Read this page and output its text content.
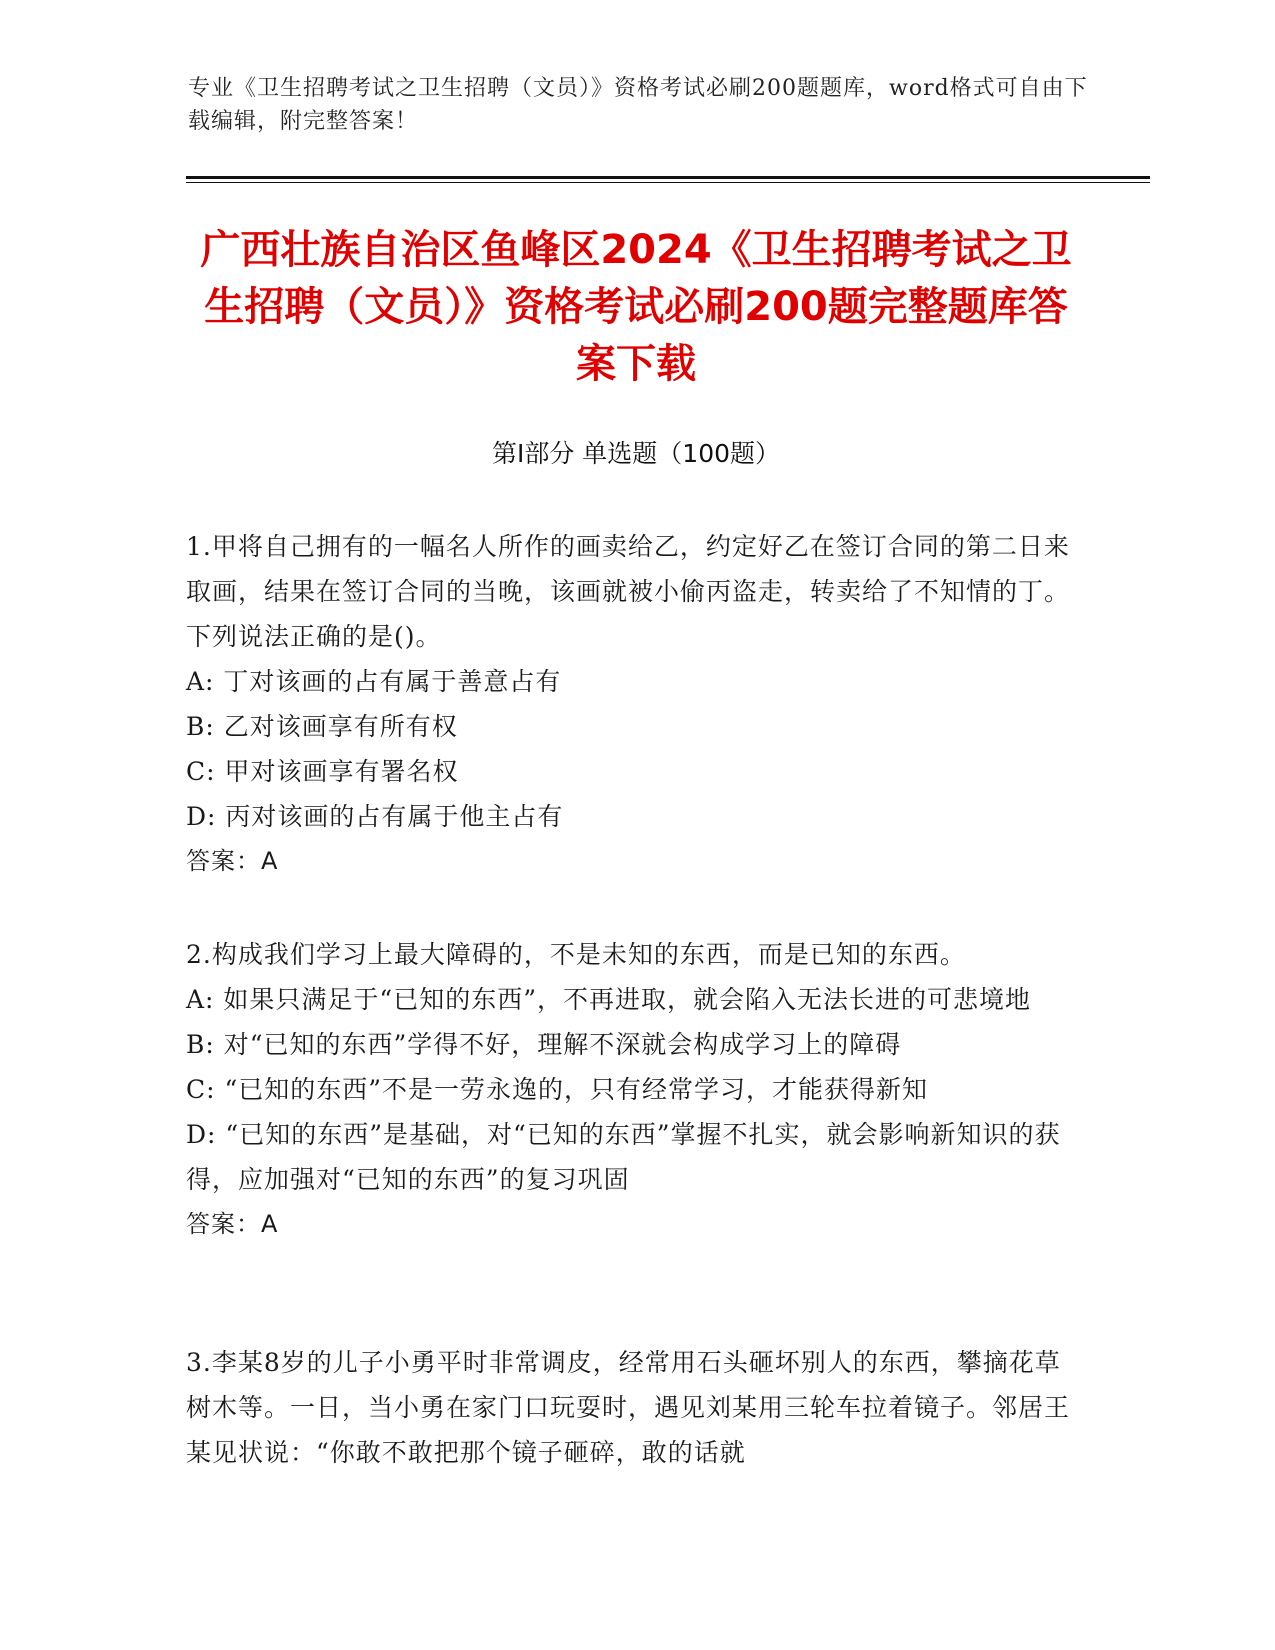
专业《卫生招聘考试之卫生招聘（文员）》资格考试必刷200题题库，word格式可自由下载编辑，附完整答案！
广西壮族自治区鱼峰区2024《卫生招聘考试之卫生招聘（文员）》资格考试必刷200题完整题库答案下载
第Ⅰ部分 单选题（100题）
1.甲将自己拥有的一幅名人所作的画卖给乙，约定好乙在签订合同的第二日来取画，结果在签订合同的当晚，该画就被小偷丙盗走，转卖给了不知情的丁。下列说法正确的是()。
A: 丁对该画的占有属于善意占有
B: 乙对该画享有所有权
C: 甲对该画享有署名权
D: 丙对该画的占有属于他主占有
答案：A
2.构成我们学习上最大障碍的，不是未知的东西，而是已知的东西。
A: 如果只满足于“已知的东西”，不再进取，就会陷入无法长进的可悲境地
B: 对“已知的东西”学得不好，理解不深就会构成学习上的障碍
C: “已知的东西”不是一劳永逸的，只有经常学习，才能获得新知
D: “已知的东西”是基础，对“已知的东西”掌握不扎实，就会影响新知识的获得，应加强对“已知的东西”的复习巩固
答案：A
3.李某8岁的儿子小勇平时非常调皮，经常用石头砸坏别人的东西，攀摘花草树木等。一日，当小勇在家门口玩耍时，遇见刘某用三轮车拉着镜子。邻居王某见状说：“你敢不敢把那个镜子砸碎，敢的话就
